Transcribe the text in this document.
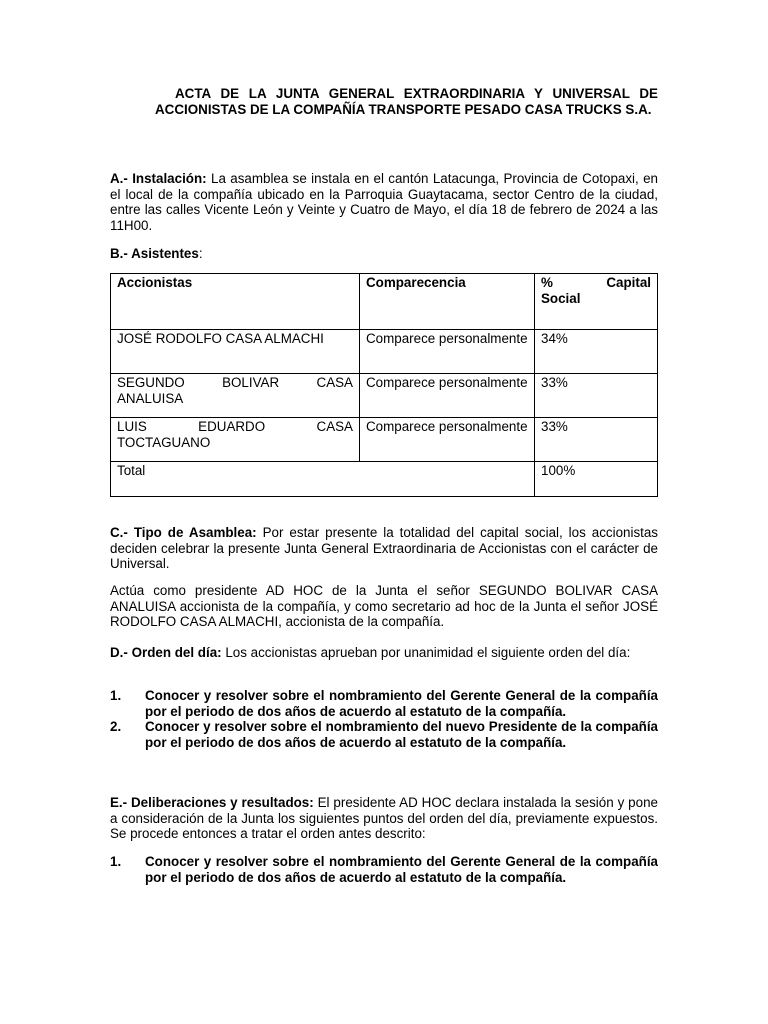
ACTA DE LA JUNTA GENERAL EXTRAORDINARIA Y UNIVERSAL DE ACCIONISTAS DE LA COMPAÑÍA TRANSPORTE PESADO CASA TRUCKS S.A.
A.- Instalación: La asamblea se instala en el cantón Latacunga, Provincia de Cotopaxi, en el local de la compañía ubicado en la Parroquia Guaytacama, sector Centro de la ciudad, entre las calles Vicente León y Veinte y Cuatro de Mayo, el día 18 de febrero de 2024 a las 11H00.
B.- Asistentes:
Accionistas	Comparecencia	% Capital
Social
JOSÉ RODOLFO CASA ALMACHI	Comparece personalmente	34%

SEGUNDO BOLIVAR CASA
ANALUISA	Comparece personalmente	33%

LUIS EDUARDO CASA
TOCTAGUANO	Comparece personalmente	33%
Total		100%
C.- Tipo de Asamblea: Por estar presente la totalidad del capital social, los accionistas deciden celebrar la presente Junta General Extraordinaria de Accionistas con el carácter de Universal.
Actúa como presidente AD HOC de la Junta el señor SEGUNDO BOLIVAR CASA ANALUISA accionista de la compañía, y como secretario ad hoc de la Junta el señor JOSÉ RODOLFO CASA ALMACHI, accionista de la compañía.
D.- Orden del día: Los accionistas aprueban por unanimidad el siguiente orden del día:
1. Conocer y resolver sobre el nombramiento del Gerente General de la compañía por el periodo de dos años de acuerdo al estatuto de la compañía.
2. Conocer y resolver sobre el nombramiento del nuevo Presidente de la compañía por el periodo de dos años de acuerdo al estatuto de la compañía.
E.- Deliberaciones y resultados: El presidente AD HOC declara instalada la sesión y pone a consideración de la Junta los siguientes puntos del orden del día, previamente expuestos. Se procede entonces a tratar el orden antes descrito:
1. Conocer y resolver sobre el nombramiento del Gerente General de la compañía por el periodo de dos años de acuerdo al estatuto de la compañía.
